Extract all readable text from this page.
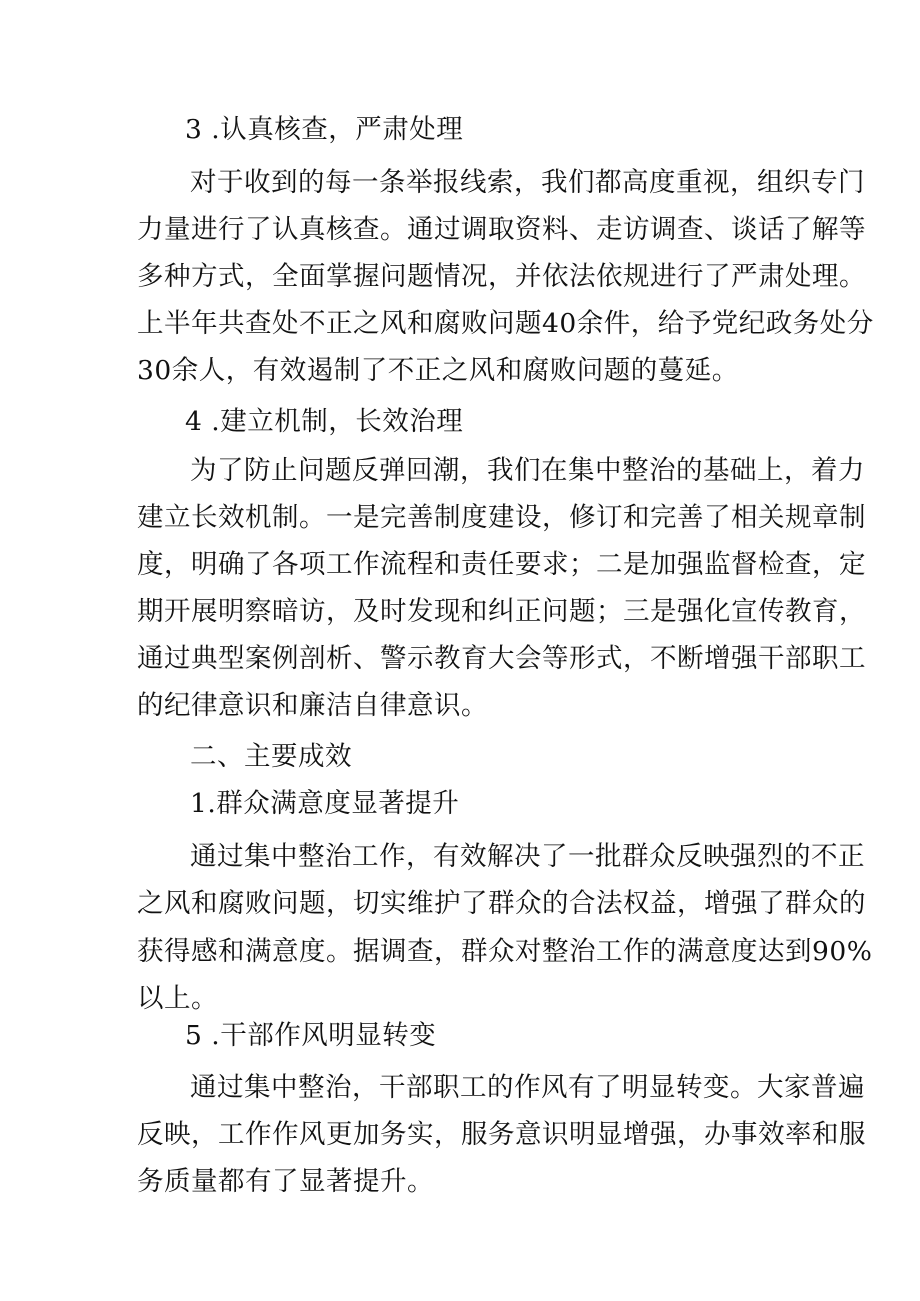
3 .认真核查，严肃处理
对于收到的每一条举报线索，我们都高度重视，组织专门
力量进行了认真核查。通过调取资料、走访调查、谈话了解等
多种方式，全面掌握问题情况，并依法依规进行了严肃处理。
上半年共查处不正之风和腐败问题40余件，给予党纪政务处分
30余人，有效遏制了不正之风和腐败问题的蔓延。
4 .建立机制，长效治理
为了防止问题反弹回潮，我们在集中整治的基础上，着力
建立长效机制。一是完善制度建设，修订和完善了相关规章制
度，明确了各项工作流程和责任要求；二是加强监督检查，定
期开展明察暗访，及时发现和纠正问题；三是强化宣传教育，
通过典型案例剖析、警示教育大会等形式，不断增强干部职工
的纪律意识和廉洁自律意识。
二、主要成效
1.群众满意度显著提升
通过集中整治工作，有效解决了一批群众反映强烈的不正
之风和腐败问题，切实维护了群众的合法权益，增强了群众的
获得感和满意度。据调查，群众对整治工作的满意度达到90%
以上。
5 .干部作风明显转变
通过集中整治，干部职工的作风有了明显转变。大家普遍
反映，工作作风更加务实，服务意识明显增强，办事效率和服
务质量都有了显著提升。
